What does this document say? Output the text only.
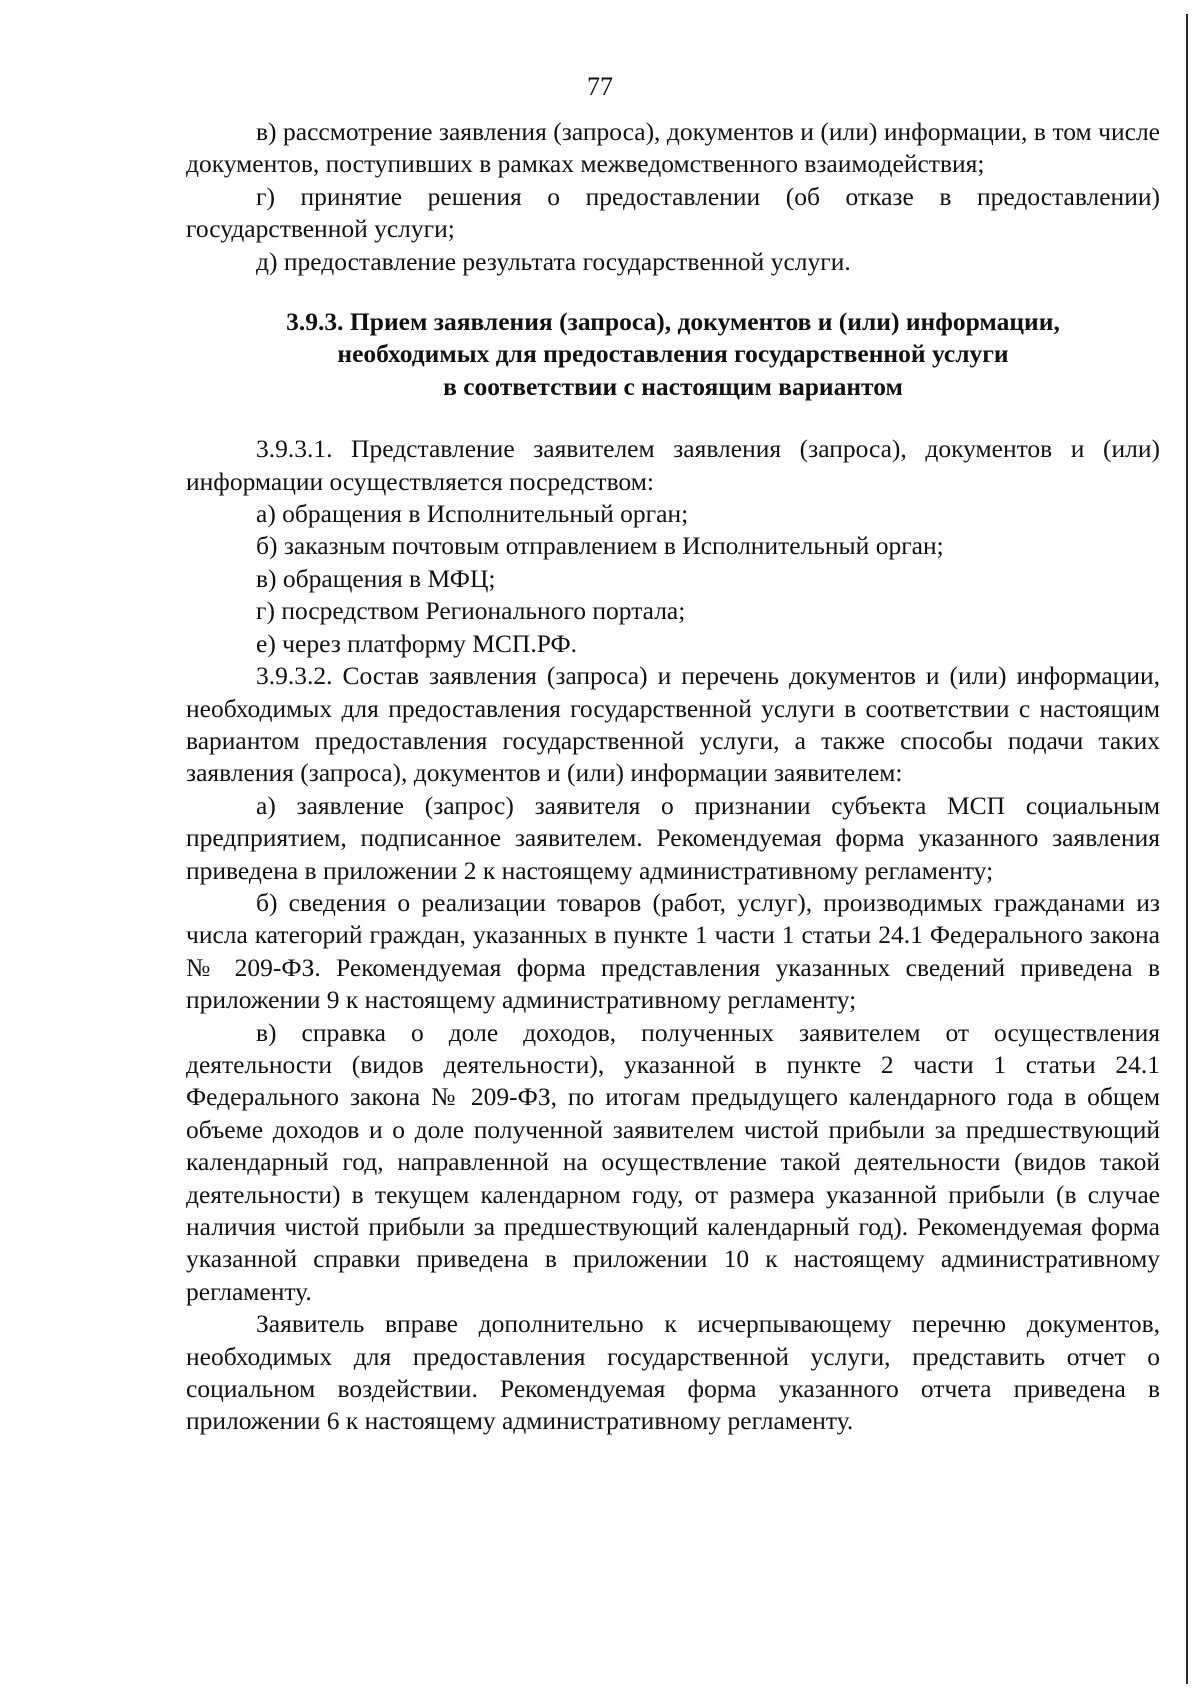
77

в) рассмотрение заявления (запроса), документов и (или) информации, в том числе документов, поступивших в рамках межведомственного взаимодействия;

г) принятие решения о предоставлении (об отказе в предоставлении) государственной услуги;

д) предоставление результата государственной услуги.

3.9.3. Прием заявления (запроса), документов и (или) информации,
необходимых для предоставления государственной услуги
в соответствии с настоящим вариантом

3.9.3.1. Представление заявителем заявления (запроса), документов и (или) информации осуществляется посредством:

а) обращения в Исполнительный орган;

б) заказным почтовым отправлением в Исполнительный орган;

в) обращения в МФЦ;

г) посредством Регионального портала;

е) через платформу МСП.РФ.

3.9.3.2. Состав заявления (запроса) и перечень документов и (или) информации, необходимых для предоставления государственной услуги в соответствии с настоящим вариантом предоставления государственной услуги, а также способы подачи таких заявления (запроса), документов и (или) информации заявителем:

а) заявление (запрос) заявителя о признании субъекта МСП социальным предприятием, подписанное заявителем. Рекомендуемая форма указанного заявления приведена в приложении 2 к настоящему административному регламенту;

б) сведения о реализации товаров (работ, услуг), производимых гражданами из числа категорий граждан, указанных в пункте 1 части 1 статьи 24.1 Федерального закона № 209-ФЗ. Рекомендуемая форма представления указанных сведений приведена в приложении 9 к настоящему административному регламенту;

в) справка о доле доходов, полученных заявителем от осуществления деятельности (видов деятельности), указанной в пункте 2 части 1 статьи 24.1 Федерального закона № 209-ФЗ, по итогам предыдущего календарного года в общем объеме доходов и о доле полученной заявителем чистой прибыли за предшествующий календарный год, направленной на осуществление такой деятельности (видов такой деятельности) в текущем календарном году, от размера указанной прибыли (в случае наличия чистой прибыли за предшествующий календарный год). Рекомендуемая форма указанной справки приведена в приложении 10 к настоящему административному регламенту.

Заявитель вправе дополнительно к исчерпывающему перечню документов, необходимых для предоставления государственной услуги, представить отчет о социальном воздействии. Рекомендуемая форма указанного отчета приведена в приложении 6 к настоящему административному регламенту.
